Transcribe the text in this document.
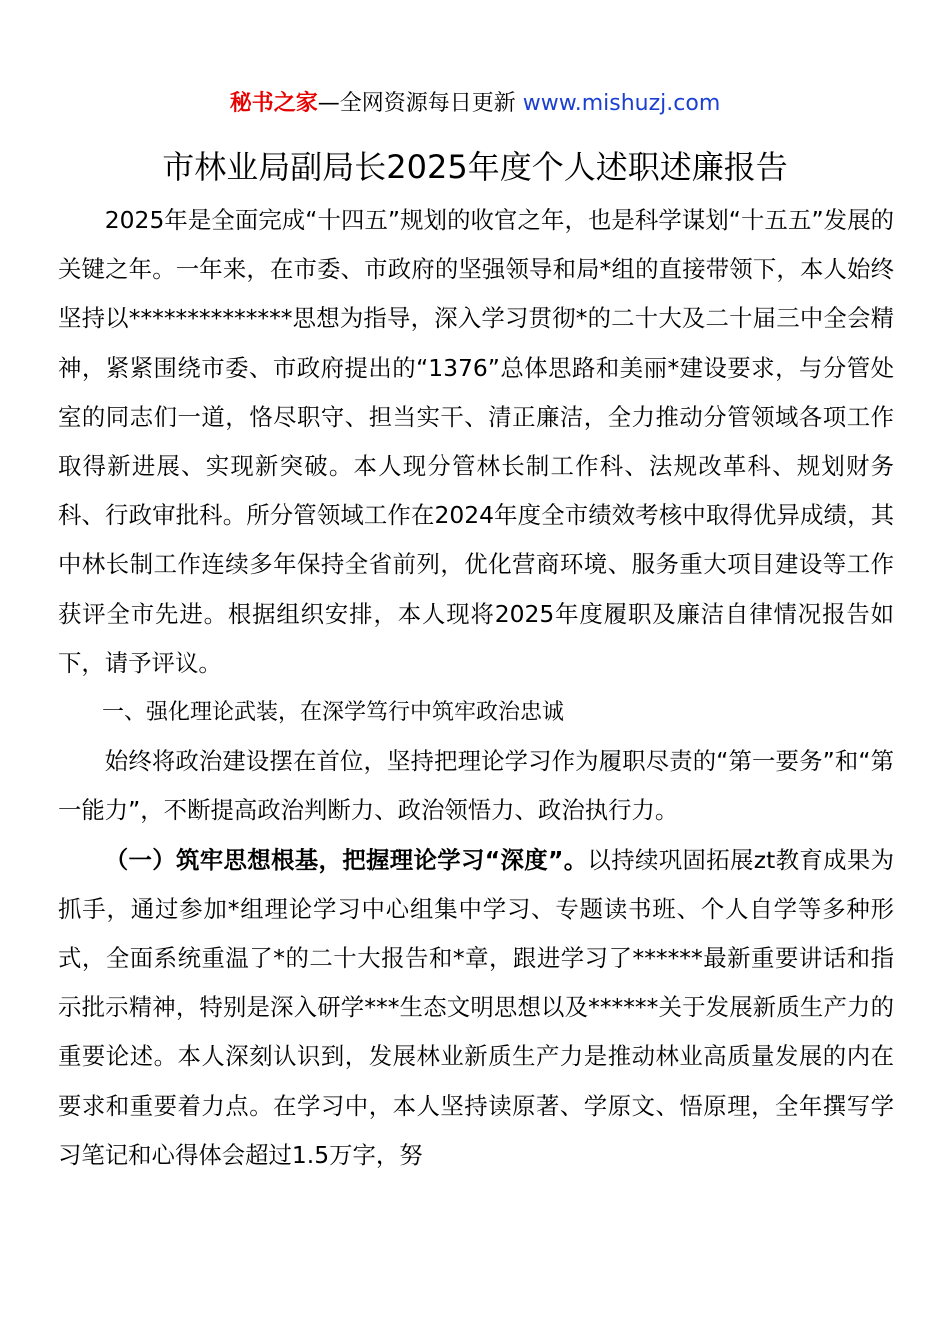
秘书之家—全网资源每日更新 www.mishuzj.com
市林业局副局长2025年度个人述职述廉报告

2025年是全面完成“十四五”规划的收官之年，也是科学谋划“十五五”发展的关键之年。一年来，在市委、市政府的坚强领导和局*组的直接带领下，本人始终坚持以**************思想为指导，深入学习贯彻*的二十大及二十届三中全会精神，紧紧围绕市委、市政府提出的“1376”总体思路和美丽*建设要求，与分管处室的同志们一道，恪尽职守、担当实干、清正廉洁，全力推动分管领域各项工作取得新进展、实现新突破。本人现分管林长制工作科、法规改革科、规划财务科、行政审批科。所分管领域工作在2024年度全市绩效考核中取得优异成绩，其中林长制工作连续多年保持全省前列，优化营商环境、服务重大项目建设等工作获评全市先进。根据组织安排，本人现将2025年度履职及廉洁自律情况报告如下，请予评议。

一、强化理论武装，在深学笃行中筑牢政治忠诚

始终将政治建设摆在首位，坚持把理论学习作为履职尽责的“第一要务”和“第一能力”，不断提高政治判断力、政治领悟力、政治执行力。

（一）筑牢思想根基，把握理论学习“深度”。以持续巩固拓展zt教育成果为抓手，通过参加*组理论学习中心组集中学习、专题读书班、个人自学等多种形式，全面系统重温了*的二十大报告和*章，跟进学习了******最新重要讲话和指示批示精神，特别是深入研学***生态文明思想以及******关于发展新质生产力的重要论述。本人深刻认识到，发展林业新质生产力是推动林业高质量发展的内在要求和重要着力点。在学习中，本人坚持读原著、学原文、悟原理，全年撰写学习笔记和心得体会超过1.5万字，努
